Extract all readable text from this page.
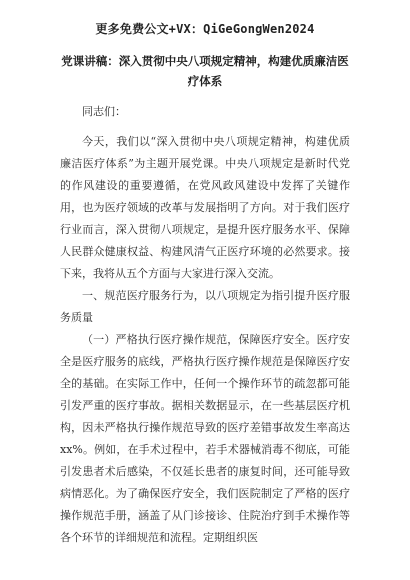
更多免费公文+VX：QiGeGongWen2024
党课讲稿：深入贯彻中央八项规定精神，构建优质廉洁医疗体系
同志们：

今天，我们以“深入贯彻中央八项规定精神，构建优质廉洁医疗体系”为主题开展党课。中央八项规定是新时代党的作风建设的重要遵循，在党风政风建设中发挥了关键作用，也为医疗领域的改革与发展指明了方向。对于我们医疗行业而言，深入贯彻八项规定，是提升医疗服务水平、保障人民群众健康权益、构建风清气正医疗环境的必然要求。接下来，我将从五个方面与大家进行深入交流。

一、规范医疗服务行为，以八项规定为指引提升医疗服务质量

（一）严格执行医疗操作规范，保障医疗安全。医疗安全是医疗服务的底线，严格执行医疗操作规范是保障医疗安全的基础。在实际工作中，任何一个操作环节的疏忽都可能引发严重的医疗事故。据相关数据显示，在一些基层医疗机构，因未严格执行操作规范导致的医疗差错事故发生率高达xx%。例如，在手术过程中，若手术器械消毒不彻底，可能引发患者术后感染，不仅延长患者的康复时间，还可能导致病情恶化。为了确保医疗安全，我们医院制定了严格的医疗操作规范手册，涵盖了从门诊接诊、住院治疗到手术操作等各个环节的详细规范和流程。定期组织医
